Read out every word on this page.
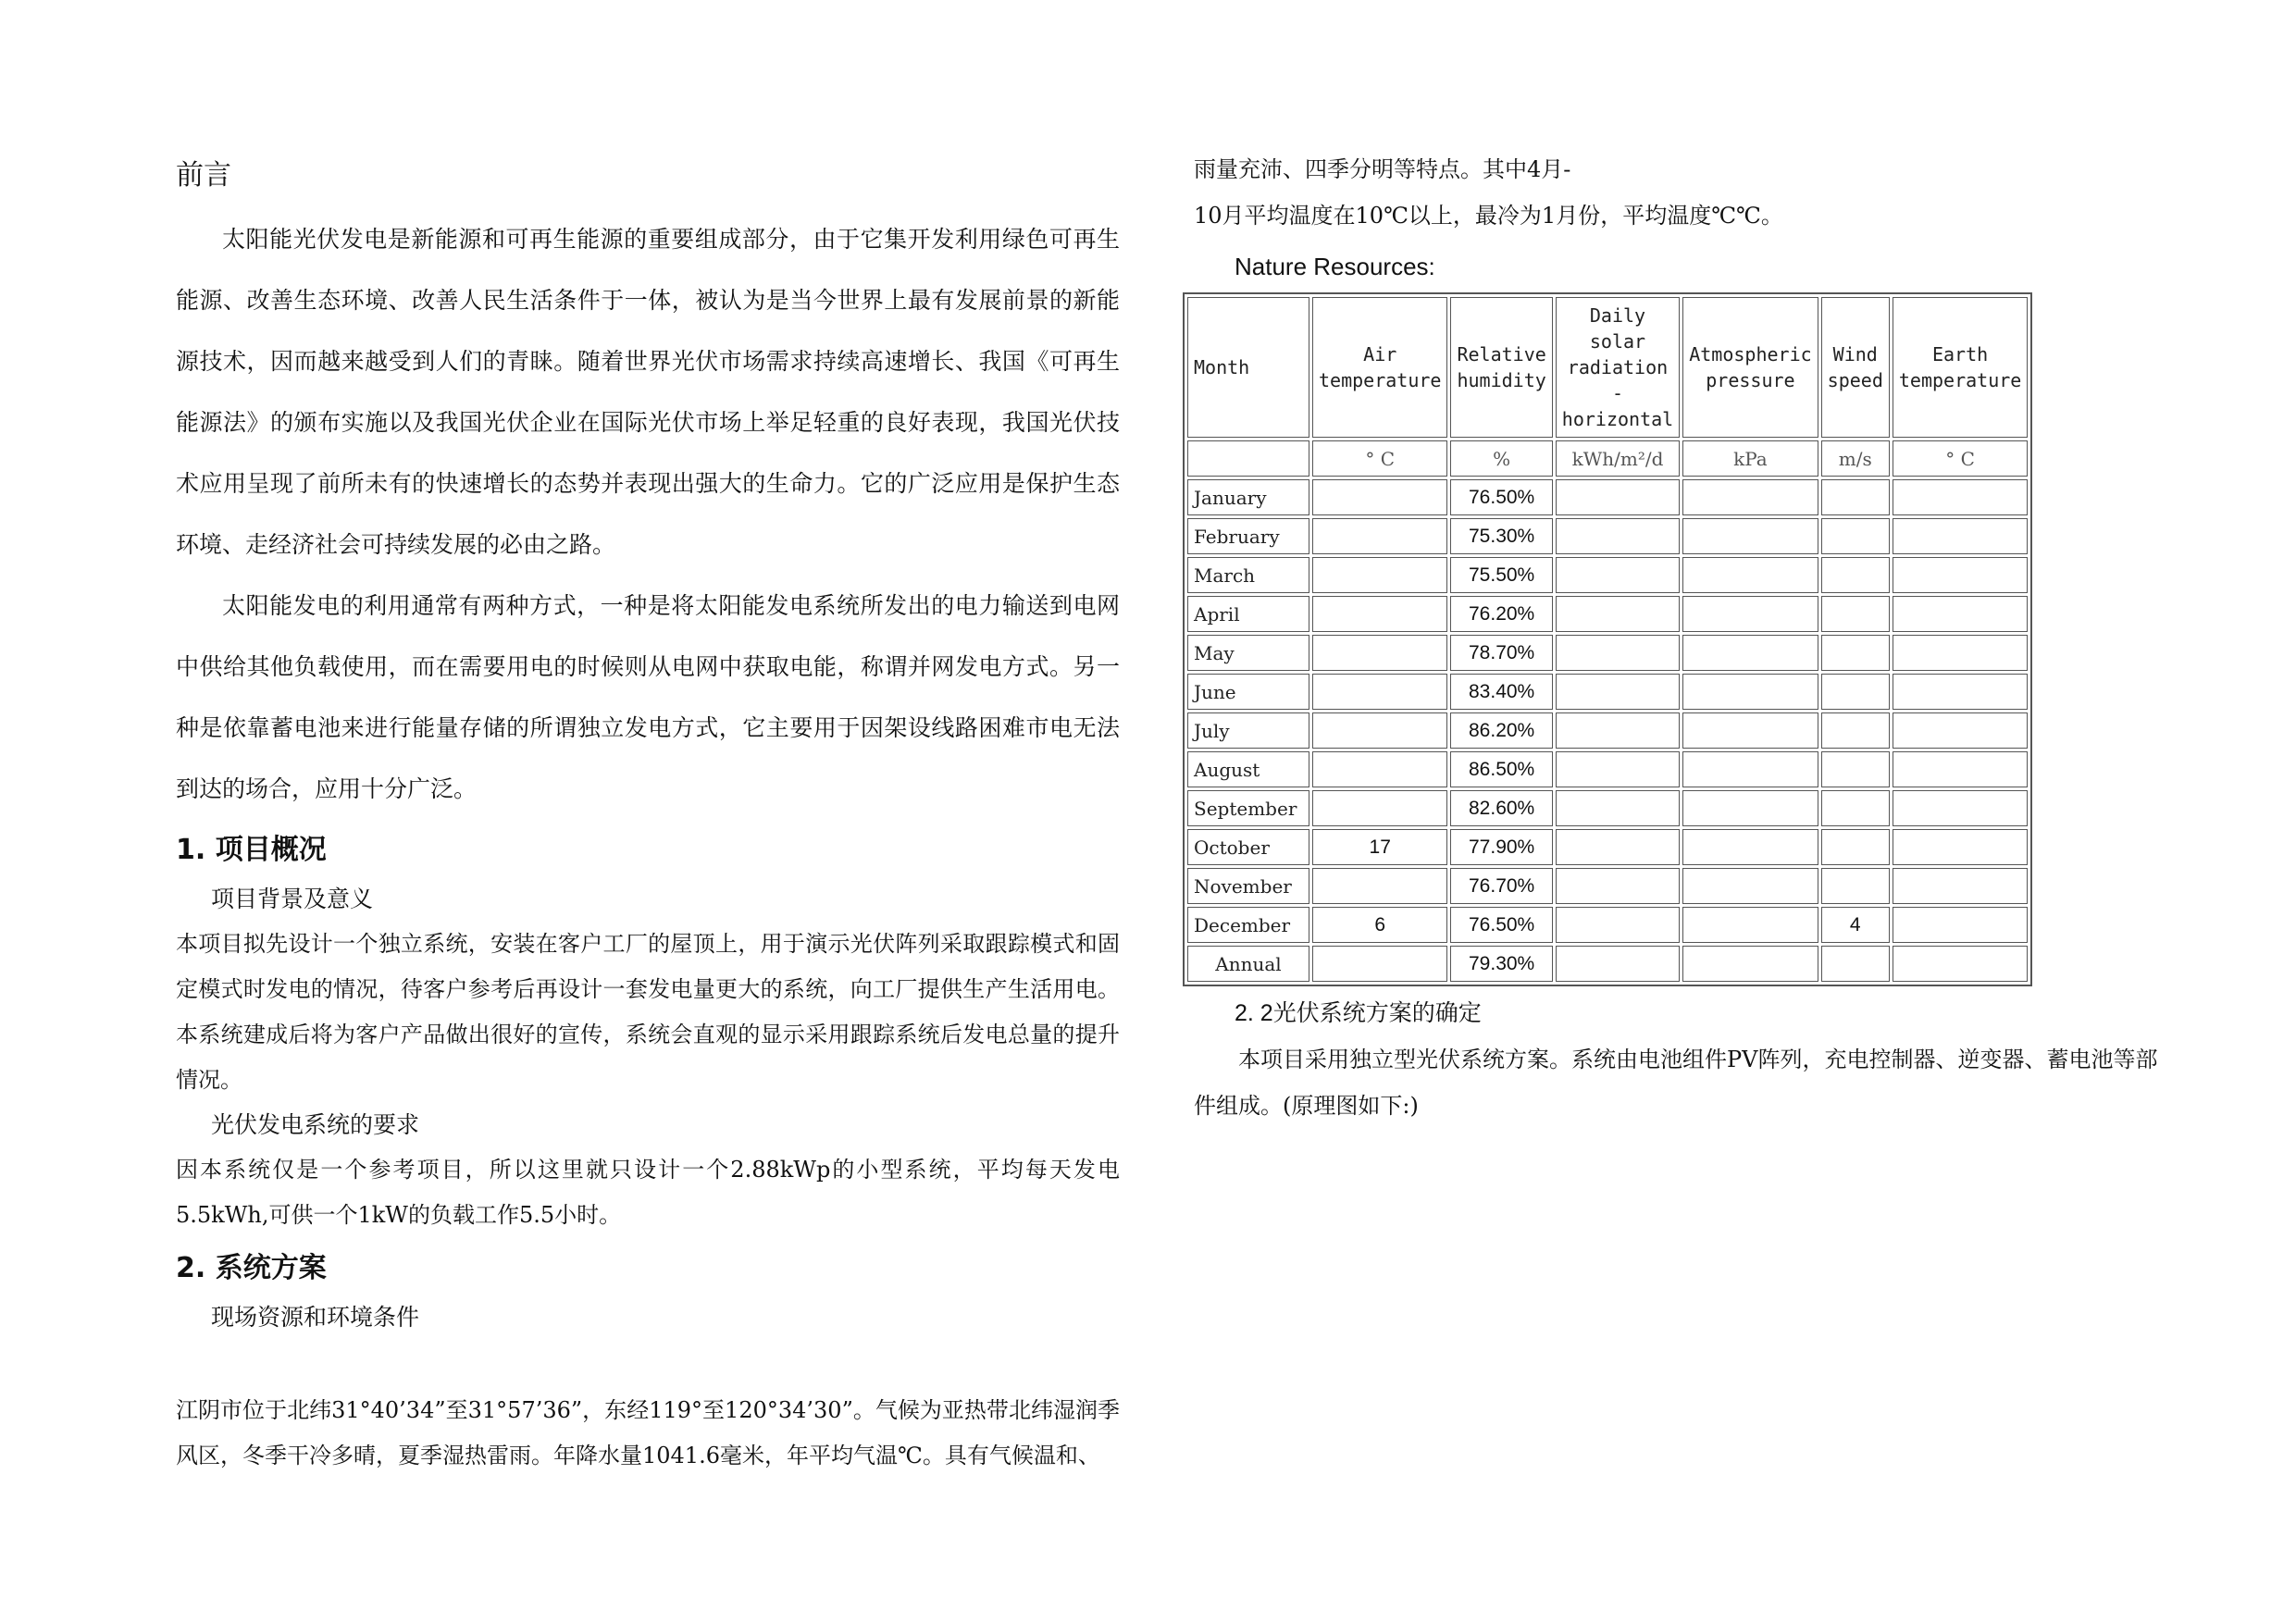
前言

太阳能光伏发电是新能源和可再生能源的重要组成部分，由于它集开发利用绿色可再生能源、改善生态环境、改善人民生活条件于一体，被认为是当今世界上最有发展前景的新能源技术，因而越来越受到人们的青睐。随着世界光伏市场需求持续高速增长、我国《可再生能源法》的颁布实施以及我国光伏企业在国际光伏市场上举足轻重的良好表现，我国光伏技术应用呈现了前所未有的快速增长的态势并表现出强大的生命力。它的广泛应用是保护生态环境、走经济社会可持续发展的必由之路。

太阳能发电的利用通常有两种方式，一种是将太阳能发电系统所发出的电力输送到电网中供给其他负载使用，而在需要用电的时候则从电网中获取电能，称谓并网发电方式。另一种是依靠蓄电池来进行能量存储的所谓独立发电方式，它主要用于因架设线路困难市电无法到达的场合，应用十分广泛。

1. 项目概况
项目背景及意义

本项目拟先设计一个独立系统，安装在客户工厂的屋顶上，用于演示光伏阵列采取跟踪模式和固定模式时发电的情况，待客户参考后再设计一套发电量更大的系统，向工厂提供生产生活用电。本系统建成后将为客户产品做出很好的宣传，系统会直观的显示采用跟踪系统后发电总量的提升情况。

光伏发电系统的要求

因本系统仅是一个参考项目，所以这里就只设计一个2.88kWp的小型系统，平均每天发电5.5kWh,可供一个1kW的负载工作5.5小时。

2. 系统方案
现场资源和环境条件

江阴市位于北纬31°40’34”至31°57’36”，东经119°至120°34’30”。气候为亚热带北纬湿润季风区，冬季干冷多晴，夏季湿热雷雨。年降水量1041.6毫米，年平均气温℃。具有气候温和、

雨量充沛、四季分明等特点。其中4月-

10月平均温度在10℃以上，最冷为1月份，平均温度℃℃。

Nature Resources:
Month	Air temperature	Relative humidity	Daily solar radiation - horizontal	Atmospheric pressure	Wind speed	Earth temperature
	° C	%	kWh/m²/d	kPa	m/s	° C
January		76.50%				
February		75.30%				
March		75.50%				
April		76.20%				
May		78.70%				
June		83.40%				
July		86.20%				
August		86.50%				
September		82.60%				
October	17	77.90%				
November		76.70%				
December	6	76.50%			4	
Annual		79.30%				
2. 2光伏系统方案的确定

本项目采用独立型光伏系统方案。系统由电池组件PV阵列，充电控制器、逆变器、蓄电池等部件组成。(原理图如下:)
